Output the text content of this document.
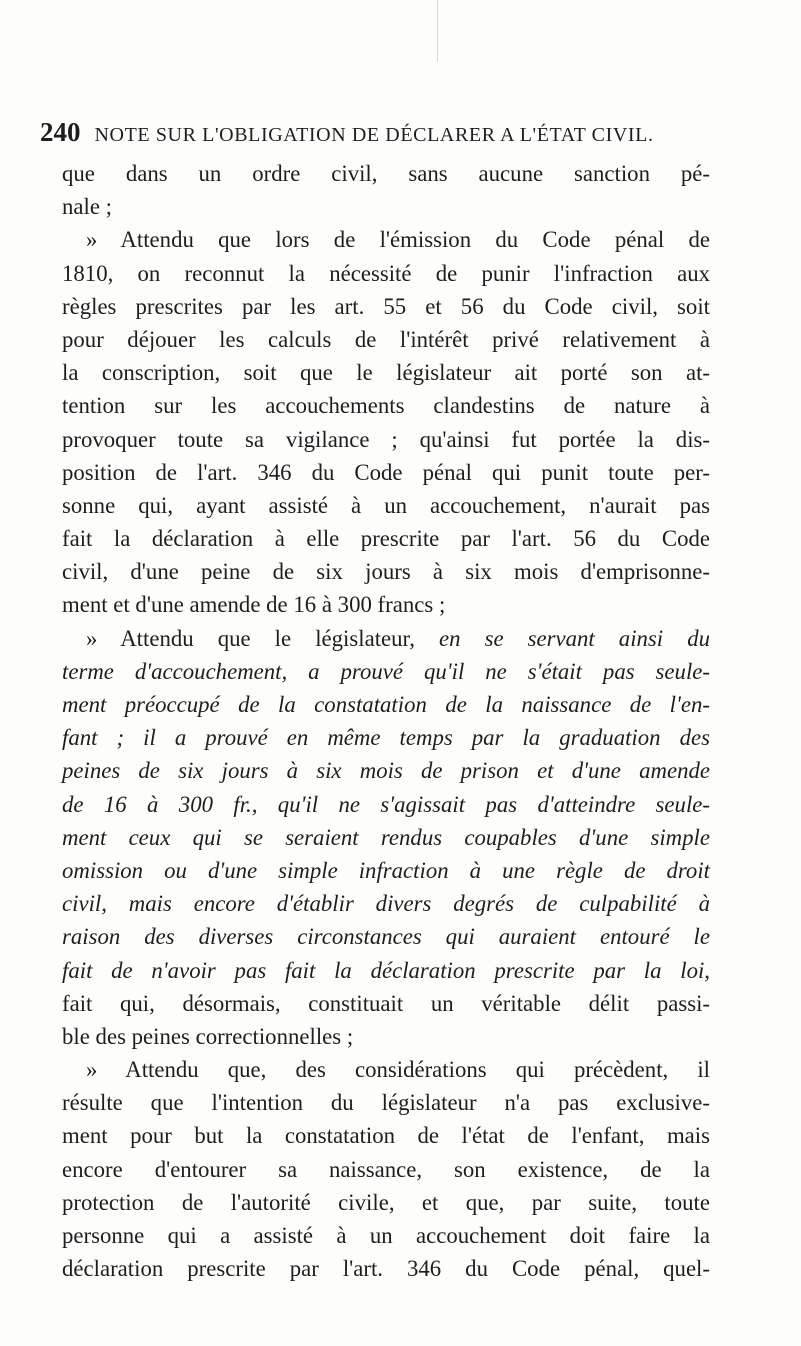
240 NOTE SUR L'OBLIGATION DE DÉCLARER A L'ÉTAT CIVIL.
que dans un ordre civil, sans aucune sanction pé-
nale ;
» Attendu que lors de l'émission du Code pénal de
1810, on reconnut la nécessité de punir l'infraction aux
règles prescrites par les art. 55 et 56 du Code civil, soit
pour déjouer les calculs de l'intérêt privé relativement à
la conscription, soit que le législateur ait porté son at-
tention sur les accouchements clandestins de nature à
provoquer toute sa vigilance ; qu'ainsi fut portée la dis-
position de l'art. 346 du Code pénal qui punit toute per-
sonne qui, ayant assisté à un accouchement, n'aurait pas
fait la déclaration à elle prescrite par l'art. 56 du Code
civil, d'une peine de six jours à six mois d'emprisonne-
ment et d'une amende de 16 à 300 francs ;
» Attendu que le législateur, en se servant ainsi du
terme d'accouchement, a prouvé qu'il ne s'était pas seule-
ment préoccupé de la constatation de la naissance de l'en-
fant ; il a prouvé en même temps par la graduation des
peines de six jours à six mois de prison et d'une amende
de 16 à 300 fr., qu'il ne s'agissait pas d'atteindre seule-
ment ceux qui se seraient rendus coupables d'une simple
omission ou d'une simple infraction à une règle de droit
civil, mais encore d'établir divers degrés de culpabilité à
raison des diverses circonstances qui auraient entouré le
fait de n'avoir pas fait la déclaration prescrite par la loi,
fait qui, désormais, constituait un véritable délit passi-
ble des peines correctionnelles ;
» Attendu que, des considérations qui précèdent, il
résulte que l'intention du législateur n'a pas exclusive-
ment pour but la constatation de l'état de l'enfant, mais
encore d'entourer sa naissance, son existence, de la
protection de l'autorité civile, et que, par suite, toute
personne qui a assisté à un accouchement doit faire la
déclaration prescrite par l'art. 346 du Code pénal, quel-
